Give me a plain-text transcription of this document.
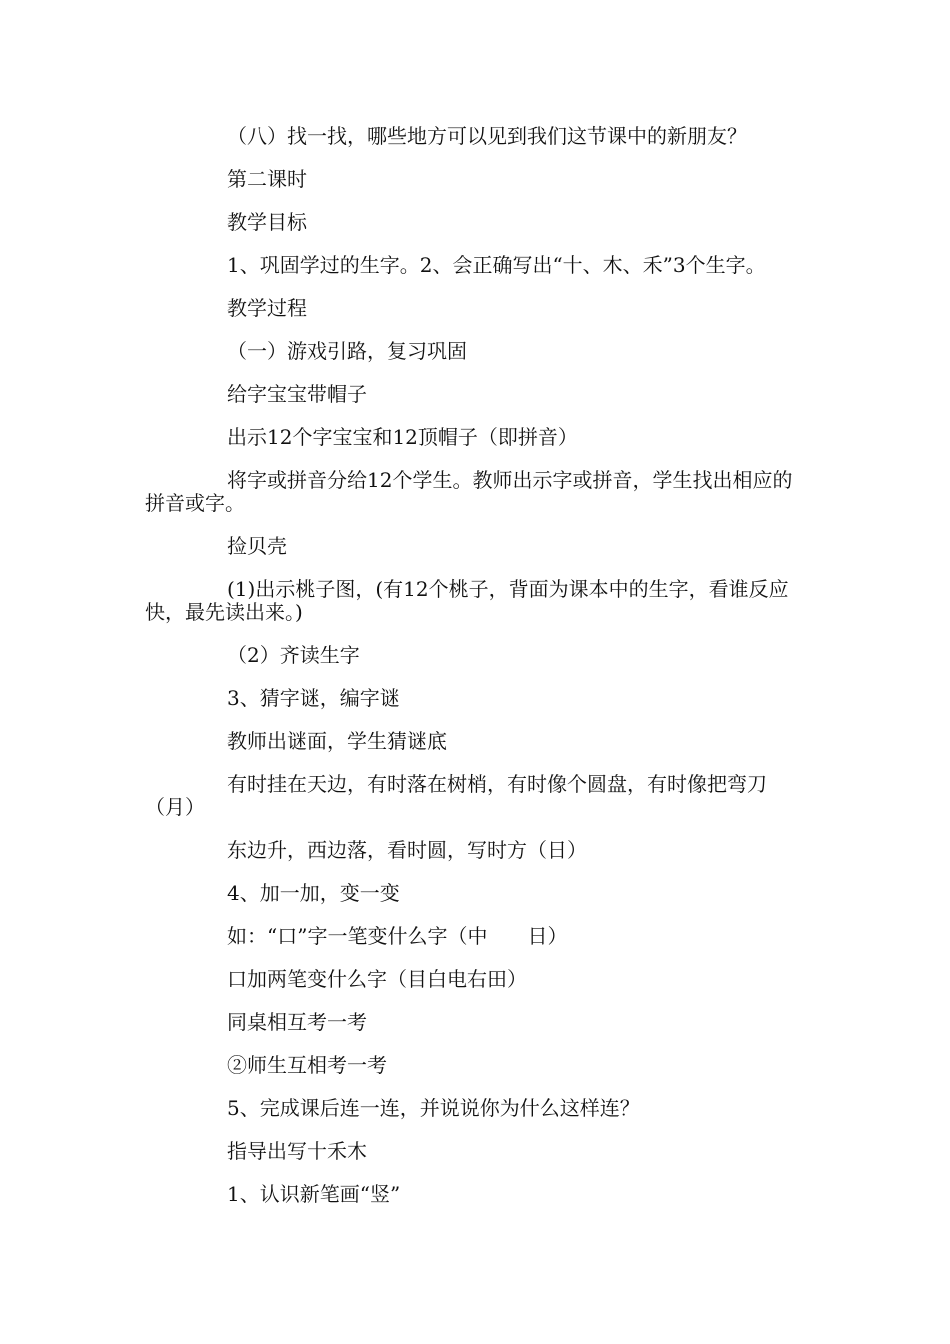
（八）找一找，哪些地方可以见到我们这节课中的新朋友？

第二课时

教学目标

1、巩固学过的生字。2、会正确写出“十、木、禾”3个生字。

教学过程

（一）游戏引路，复习巩固

给字宝宝带帽子

出示12个字宝宝和12顶帽子（即拼音）

将字或拼音分给12个学生。教师出示字或拼音，学生找出相应的拼音或字。

捡贝壳

(1)出示桃子图，(有12个桃子，背面为课本中的生字，看谁反应快，最先读出来。)

（2）齐读生字

3、猜字谜，编字谜

教师出谜面，学生猜谜底

有时挂在天边，有时落在树梢，有时像个圆盘，有时像把弯刀（月）

东边升，西边落，看时圆，写时方（日）

4、加一加，变一变

如：“口”字一笔变什么字（中　　日）

口加两笔变什么字（目白电右田）

同桌相互考一考

②师生互相考一考

5、完成课后连一连，并说说你为什么这样连？

指导出写十禾木

1、认识新笔画“竖”
